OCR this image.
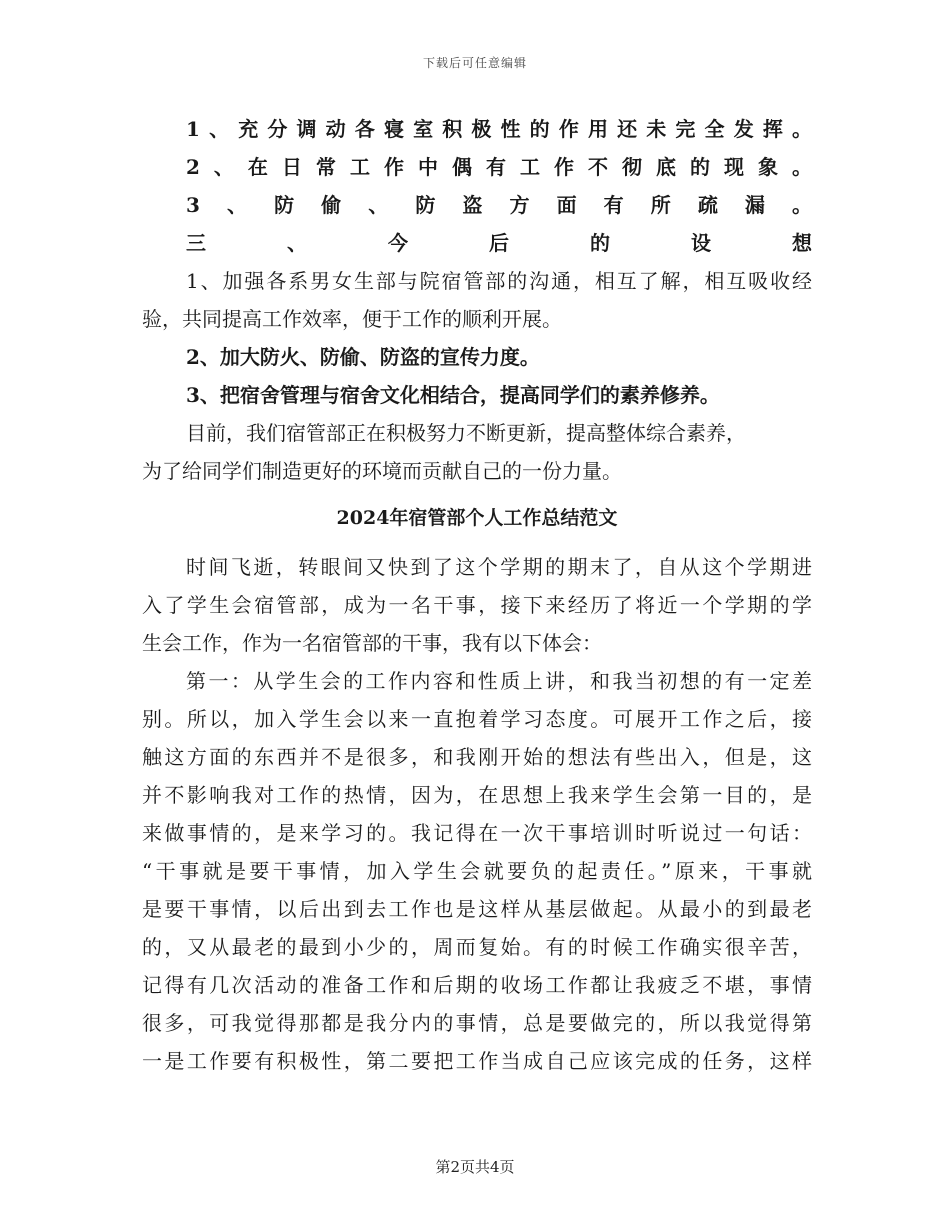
下载后可任意编辑
1、充分调动各寝室积极性的作用还未完全发挥。
2、在日常工作中偶有工作不彻底的现象。
3、防偷、防盗方面有所疏漏。
三、今后的设想
1、加强各系男女生部与院宿管部的沟通，相互了解，相互吸收经
验，共同提高工作效率，便于工作的顺利开展。
2、加大防火、防偷、防盗的宣传力度。
3、把宿舍管理与宿舍文化相结合，提高同学们的素养修养。
目前，我们宿管部正在积极努力不断更新，提高整体综合素养，
为了给同学们制造更好的环境而贡献自己的一份力量。
2024年宿管部个人工作总结范文
时间飞逝，转眼间又快到了这个学期的期末了，自从这个学期进
入了学生会宿管部，成为一名干事，接下来经历了将近一个学期的学
生会工作，作为一名宿管部的干事，我有以下体会：
第一：从学生会的工作内容和性质上讲，和我当初想的有一定差
别。所以，加入学生会以来一直抱着学习态度。可展开工作之后，接
触这方面的东西并不是很多，和我刚开始的想法有些出入，但是，这
并不影响我对工作的热情，因为，在思想上我来学生会第一目的，是
来做事情的，是来学习的。我记得在一次干事培训时听说过一句话：
“干事就是要干事情，加入学生会就要负的起责任。”原来，干事就
是要干事情，以后出到去工作也是这样从基层做起。从最小的到最老
的，又从最老的最到小少的，周而复始。有的时候工作确实很辛苦，
记得有几次活动的准备工作和后期的收场工作都让我疲乏不堪，事情
很多，可我觉得那都是我分内的事情，总是要做完的，所以我觉得第
一是工作要有积极性，第二要把工作当成自己应该完成的任务，这样
第2页共4页
